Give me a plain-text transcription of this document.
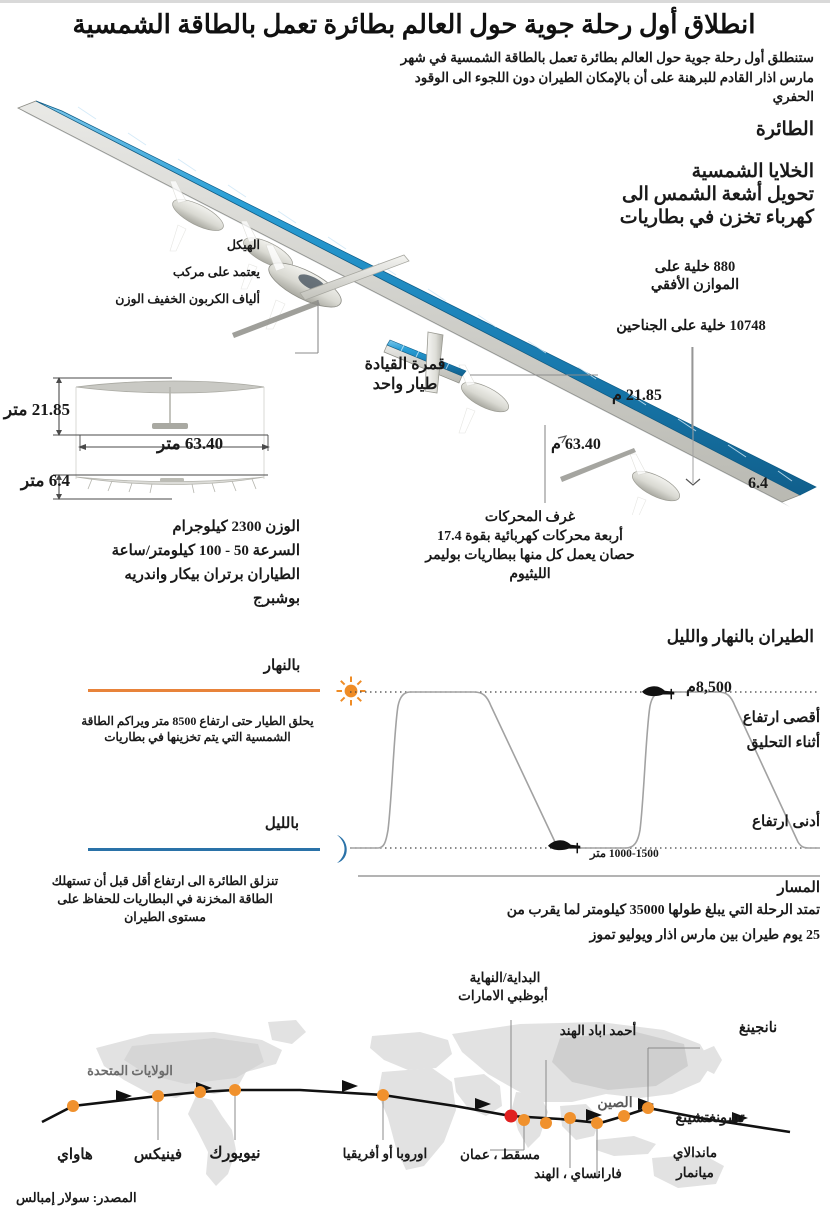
انطلاق أول رحلة جوية حول العالم بطائرة تعمل بالطاقة الشمسية
ستنطلق أول رحلة جوية حول العالم بطائرة تعمل بالطاقة الشمسية في شهر مارس اذار القادم للبرهنة على أن بالإمكان الطيران دون اللجوء الى الوقود الحفري
الطائرة
الخلايا الشمسية
تحويل أشعة الشمس الى
كهرباء تخزن في بطاريات
880 خلية على
الموازن الأفقي
10748 خلية على الجناحين
الهيكل
يعتمد على مركب
ألياف الكربون الخفيف الوزن
قمرة القيادة
طيار واحد
غرف المحركات
أربعة محركات كهربائية بقوة 17.4
حصان يعمل كل منها ببطاريات بوليمر
الليثيوم
21.85 م
63.40 م
6.4
21.85 متر
63.40 متر
6.4 متر
الوزن 2300 كيلوجرام
السرعة 50 - 100 كيلومتر/ساعة
الطياران برتران بيكار واندريه
بوشبرج
الطيران بالنهار والليل
بالنهار
يحلق الطيار حتى ارتفاع 8500 متر ويراكم الطاقة الشمسية التي يتم تخزينها في بطاريات
بالليل
تنزلق الطائرة الى ارتفاع أقل قبل أن تستهلك الطاقة المخزنة في البطاريات للحفاظ على مستوى الطيران
8,500م
أقصى ارتفاع
أثناء التحليق
أدنى ارتفاع
1000-1500 متر
المسار
تمتد الرحلة التي يبلغ طولها 35000 كيلومتر لما يقرب من
25 يوم طيران بين مارس اذار ويوليو تموز
الولايات المتحدة
الصين
هاواي	فينيكس	نيويورك	اوروبا أو أفريقيا
البداية/النهاية
أبوظبي الامارات
مسقط ، عمان
أحمد اباد الهند
فارانساي ، الهند
ماندالاي
ميانمار
تشونغتشينغ
نانجينغ
المصدر: سولار إمبالس
